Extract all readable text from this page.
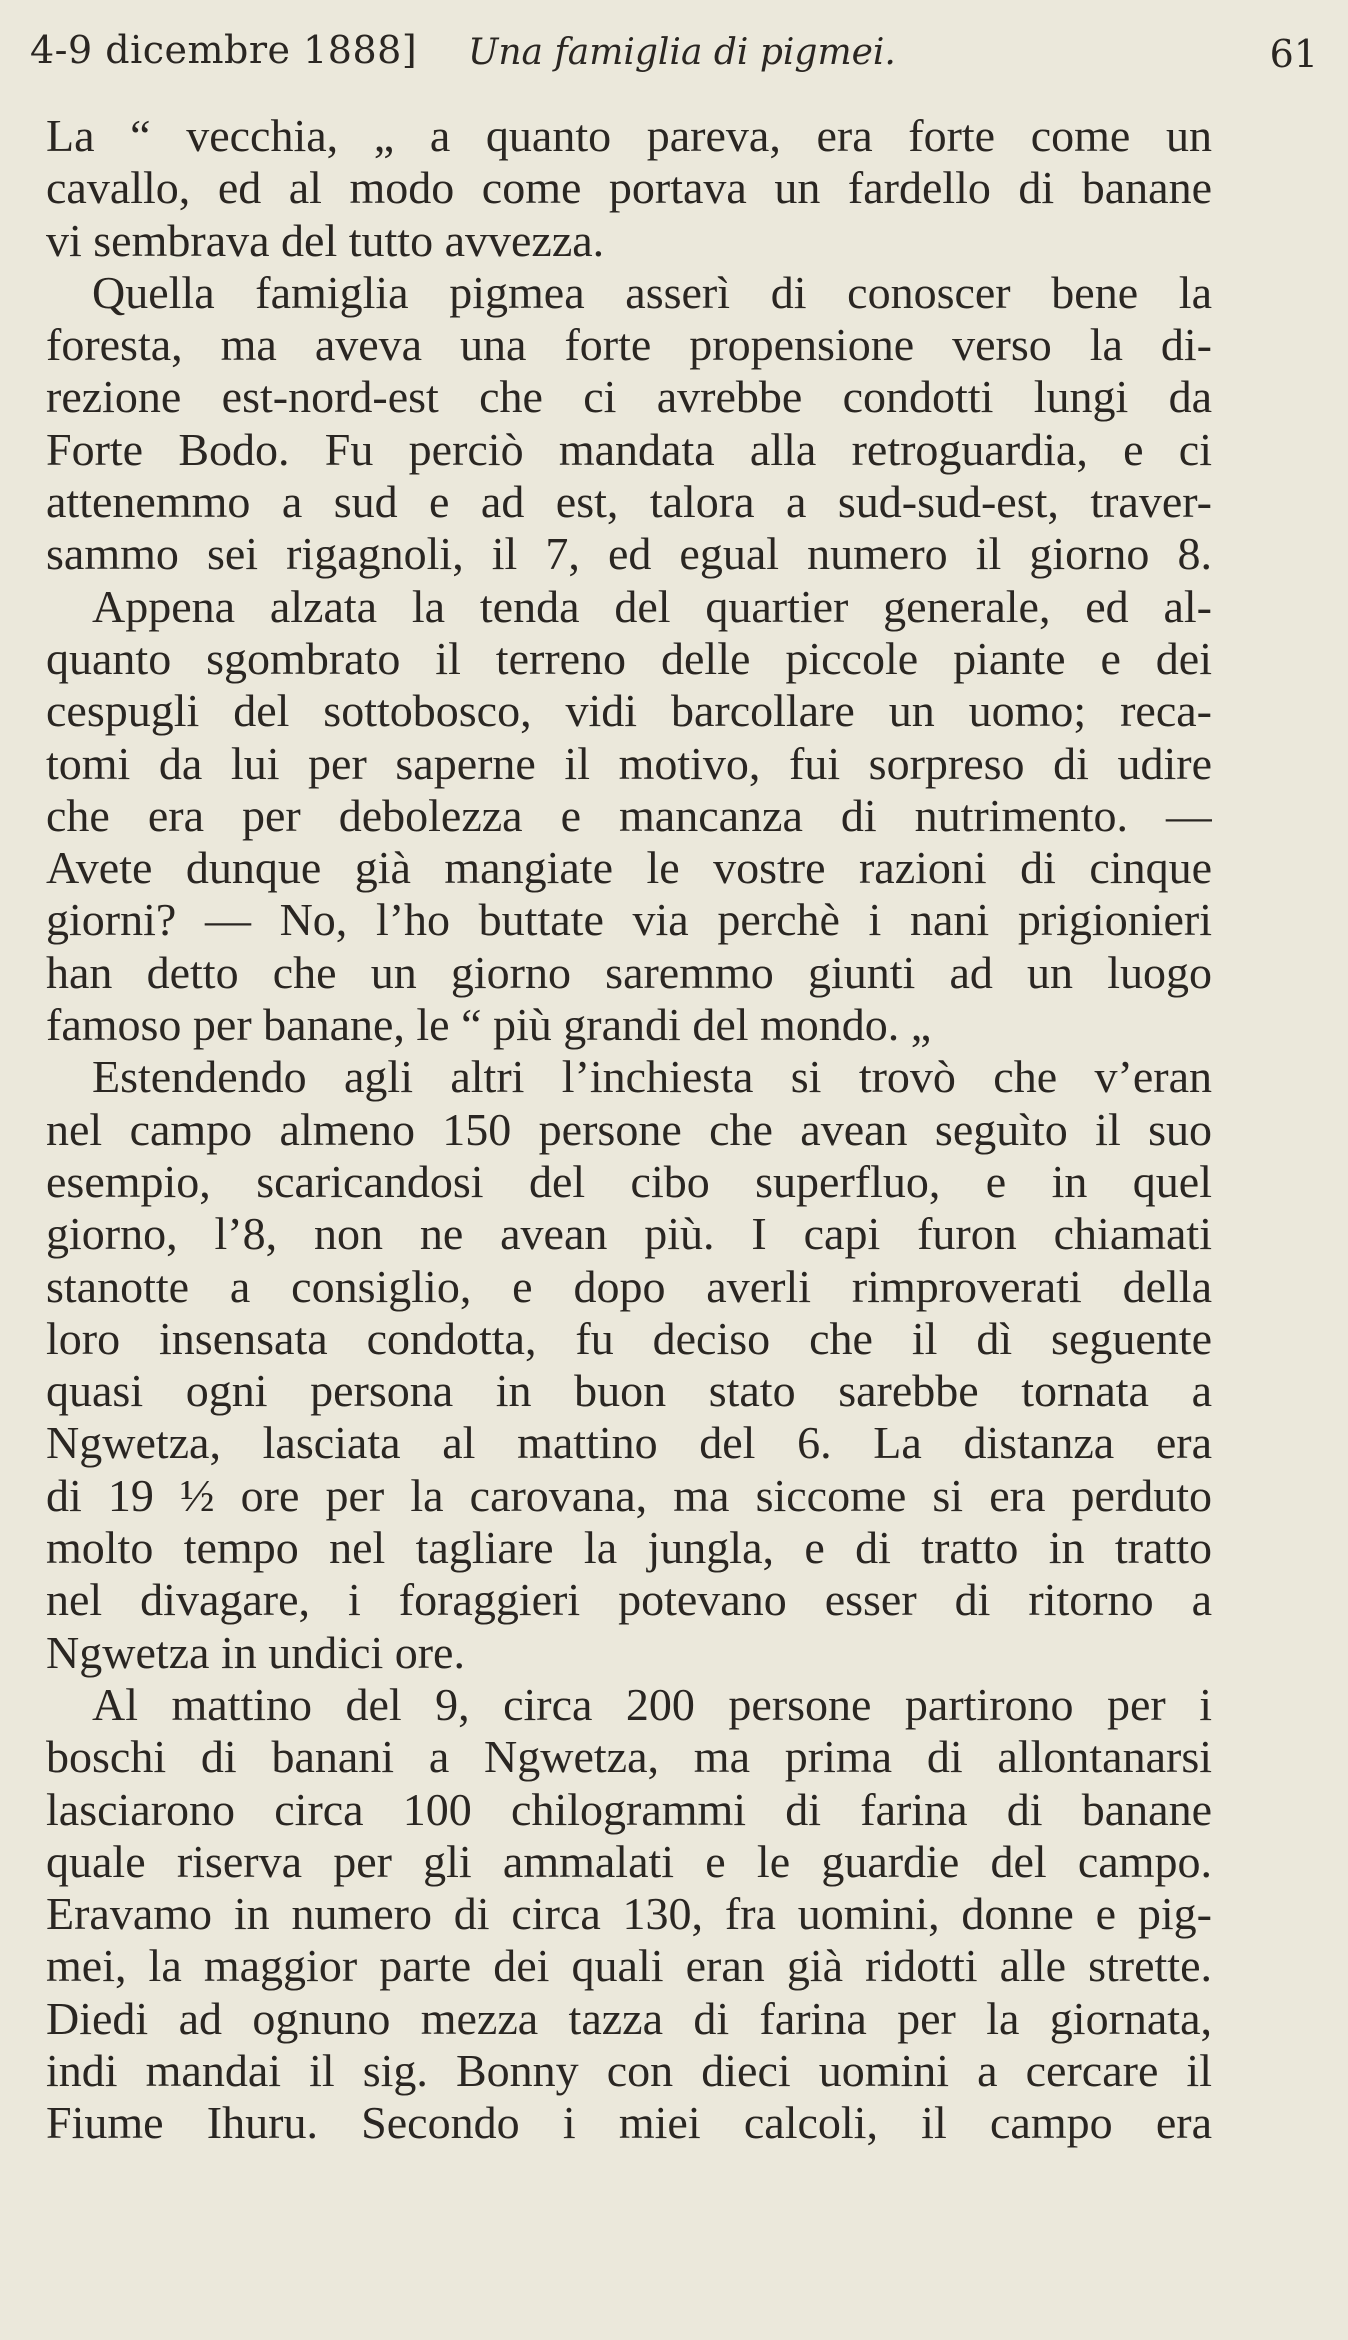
4-9 dicembre 1888] Una famiglia di pigmei.	61
La “ vecchia, „ a quanto pareva, era forte come un
cavallo, ed al modo come portava un fardello di banane
vi sembrava del tutto avvezza.
Quella famiglia pigmea asserì di conoscer bene la
foresta, ma aveva una forte propensione verso la di-
rezione est-nord-est che ci avrebbe condotti lungi da
Forte Bodo. Fu perciò mandata alla retroguardia, e ci
attenemmo a sud e ad est, talora a sud-sud-est, traver-
sammo sei rigagnoli, il 7, ed egual numero il giorno 8.
Appena alzata la tenda del quartier generale, ed al-
quanto sgombrato il terreno delle piccole piante e dei
cespugli del sottobosco, vidi barcollare un uomo; reca-
tomi da lui per saperne il motivo, fui sorpreso di udire
che era per debolezza e mancanza di nutrimento. —
Avete dunque già mangiate le vostre razioni di cinque
giorni? — No, l’ho buttate via perchè i nani prigionieri
han detto che un giorno saremmo giunti ad un luogo
famoso per banane, le “ più grandi del mondo. „
Estendendo agli altri l’inchiesta si trovò che v’eran
nel campo almeno 150 persone che avean seguìto il suo
esempio, scaricandosi del cibo superfluo, e in quel
giorno, l’8, non ne avean più. I capi furon chiamati
stanotte a consiglio, e dopo averli rimproverati della
loro insensata condotta, fu deciso che il dì seguente
quasi ogni persona in buon stato sarebbe tornata a
Ngwetza, lasciata al mattino del 6. La distanza era
di 19 ½ ore per la carovana, ma siccome si era perduto
molto tempo nel tagliare la jungla, e di tratto in tratto
nel divagare, i foraggieri potevano esser di ritorno a
Ngwetza in undici ore.
Al mattino del 9, circa 200 persone partirono per i
boschi di banani a Ngwetza, ma prima di allontanarsi
lasciarono circa 100 chilogrammi di farina di banane
quale riserva per gli ammalati e le guardie del campo.
Eravamo in numero di circa 130, fra uomini, donne e pig-
mei, la maggior parte dei quali eran già ridotti alle strette.
Diedi ad ognuno mezza tazza di farina per la giornata,
indi mandai il sig. Bonny con dieci uomini a cercare il
Fiume Ihuru. Secondo i miei calcoli, il campo era
